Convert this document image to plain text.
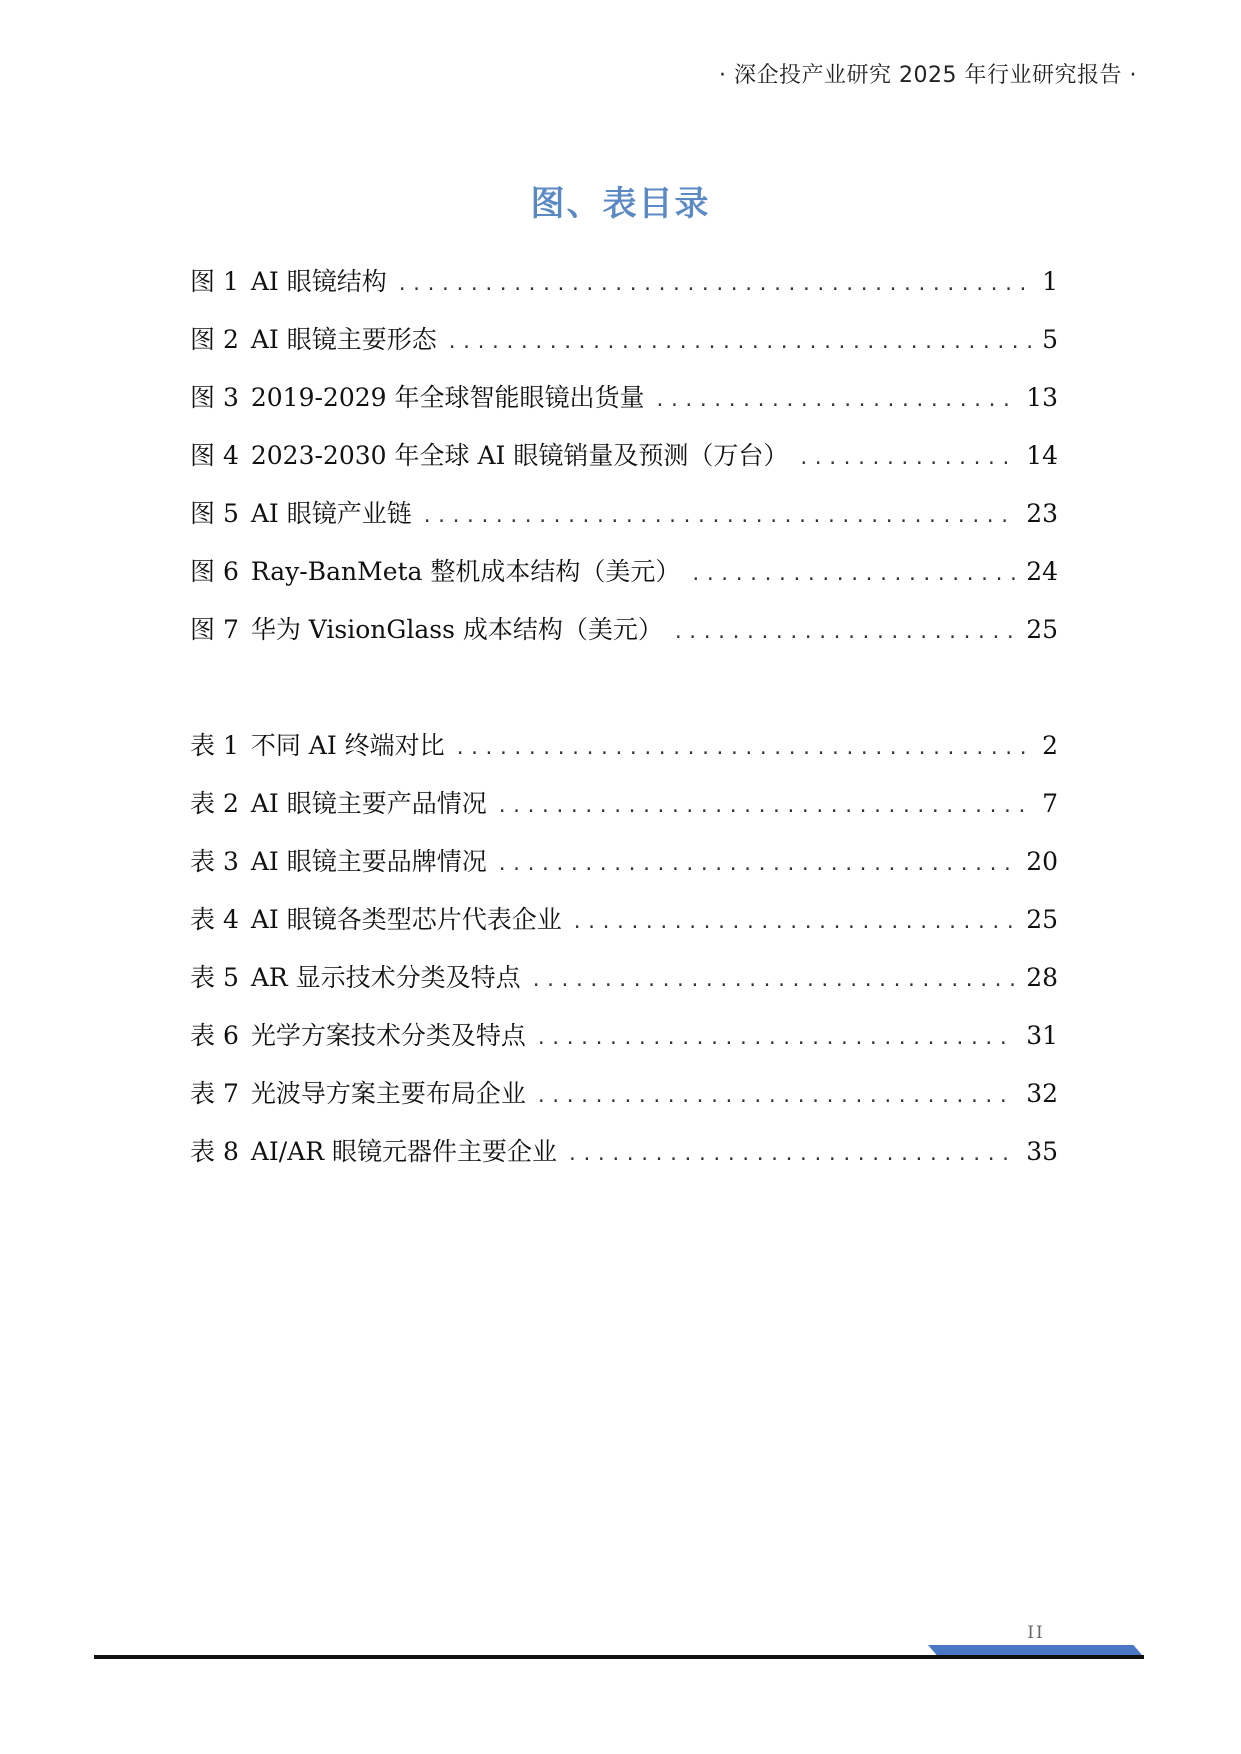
· 深企投产业研究 2025 年行业研究报告 ·
图、表目录
图 1 AI 眼镜结构 .....	1
图 2 AI 眼镜主要形态 .....	5
图 3 2019-2029 年全球智能眼镜出货量 .....	13
图 4 2023-2030 年全球 AI 眼镜销量及预测（万台） .....	14
图 5 AI 眼镜产业链 .....	23
图 6 Ray-BanMeta 整机成本结构（美元） .....	24
图 7 华为 VisionGlass 成本结构（美元） .....	25
表 1 不同 AI 终端对比 .....	2
表 2 AI 眼镜主要产品情况 .....	7
表 3 AI 眼镜主要品牌情况 .....	20
表 4 AI 眼镜各类型芯片代表企业 .....	25
表 5 AR 显示技术分类及特点 .....	28
表 6 光学方案技术分类及特点 .....	31
表 7 光波导方案主要布局企业 .....	32
表 8 AI/AR 眼镜元器件主要企业 .....	35
II
